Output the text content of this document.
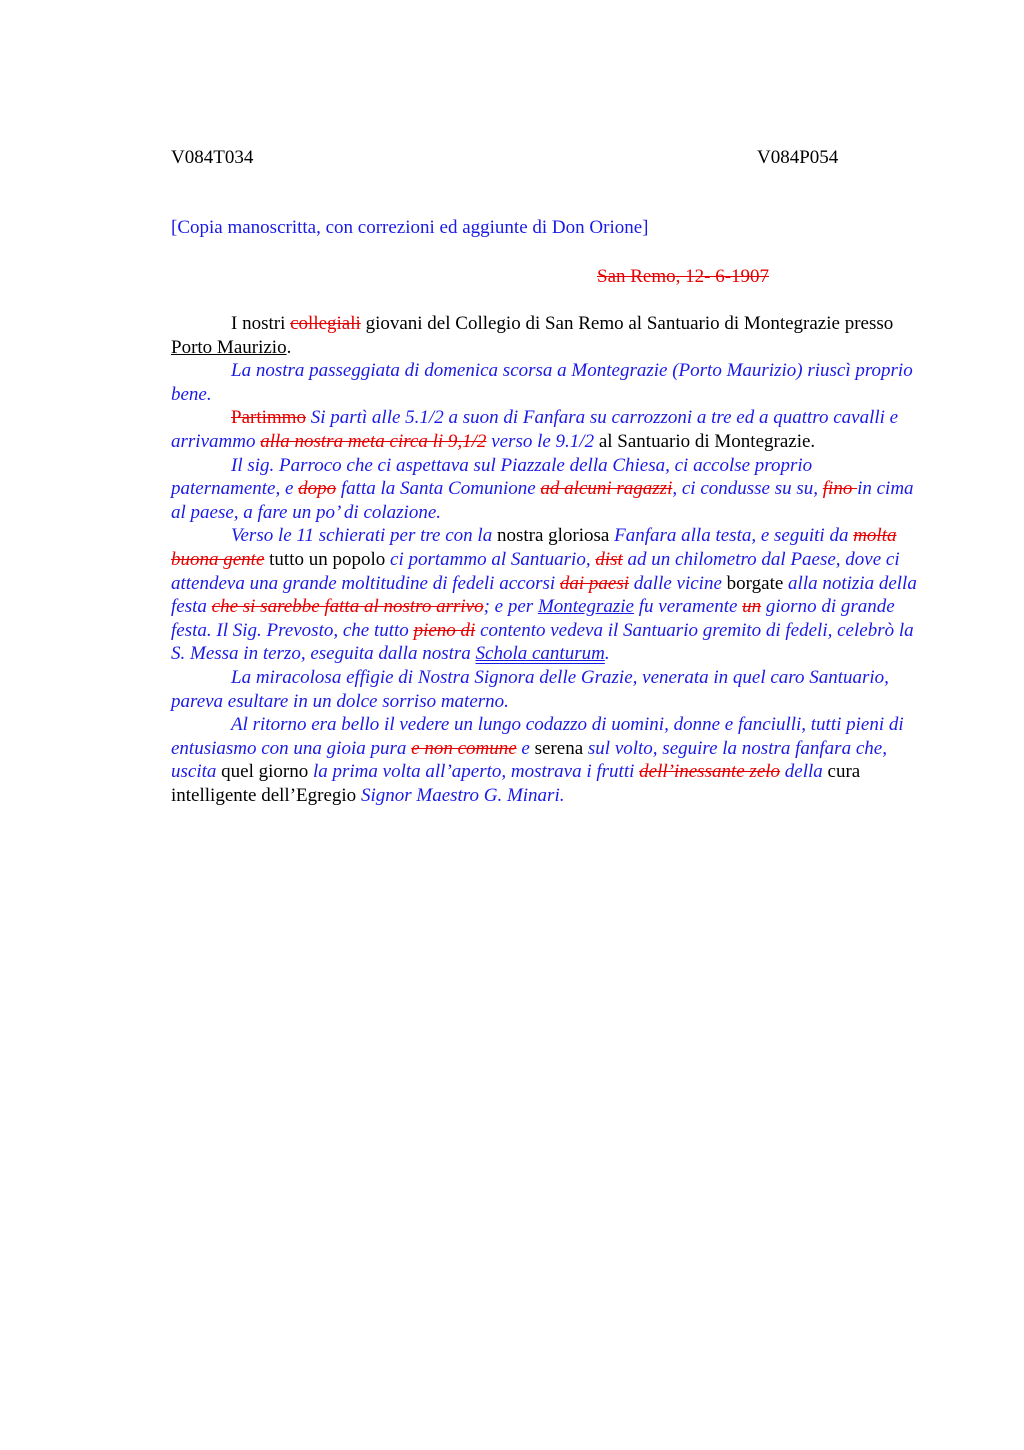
V084T034	V084P054
[Copia manoscritta, con correzioni ed aggiunte di Don Orione]
San Remo, 12- 6-1907

I nostri collegiali giovani del Collegio di San Remo al Santuario di Montegrazie presso Porto Maurizio.

La nostra passeggiata di domenica scorsa a Montegrazie (Porto Maurizio) riuscì proprio bene.

Partimmo Si partì alle 5.1/2 a suon di Fanfara su carrozzoni a tre ed a quattro cavalli e arrivammo alla nostra meta circa li 9,1/2 verso le 9.1/2 al Santuario di Montegrazie.

Il sig. Parroco che ci aspettava sul Piazzale della Chiesa, ci accolse proprio paternamente, e dopo fatta la Santa Comunione ad alcuni ragazzi, ci condusse su su, fino in cima al paese, a fare un po’ di colazione.

Verso le 11 schierati per tre con la nostra gloriosa Fanfara alla testa, e seguiti da molta buona gente tutto un popolo ci portammo al Santuario, dist ad un chilometro dal Paese, dove ci attendeva una grande moltitudine di fedeli accorsi dai paesi dalle vicine borgate alla notizia della festa che si sarebbe fatta al nostro arrivo; e per Montegrazie fu veramente un giorno di grande festa. Il Sig. Prevosto, che tutto pieno di contento vedeva il Santuario gremito di fedeli, celebrò la S. Messa in terzo, eseguita dalla nostra Schola canturum.

La miracolosa effigie di Nostra Signora delle Grazie, venerata in quel caro Santuario, pareva esultare in un dolce sorriso materno.

Al ritorno era bello il vedere un lungo codazzo di uomini, donne e fanciulli, tutti pieni di entusiasmo con una gioia pura e non comune e serena sul volto, seguire la nostra fanfara che, uscita quel giorno la prima volta all’aperto, mostrava i frutti dell’inessante zelo della cura intelligente dell’Egregio Signor Maestro G. Minari.
